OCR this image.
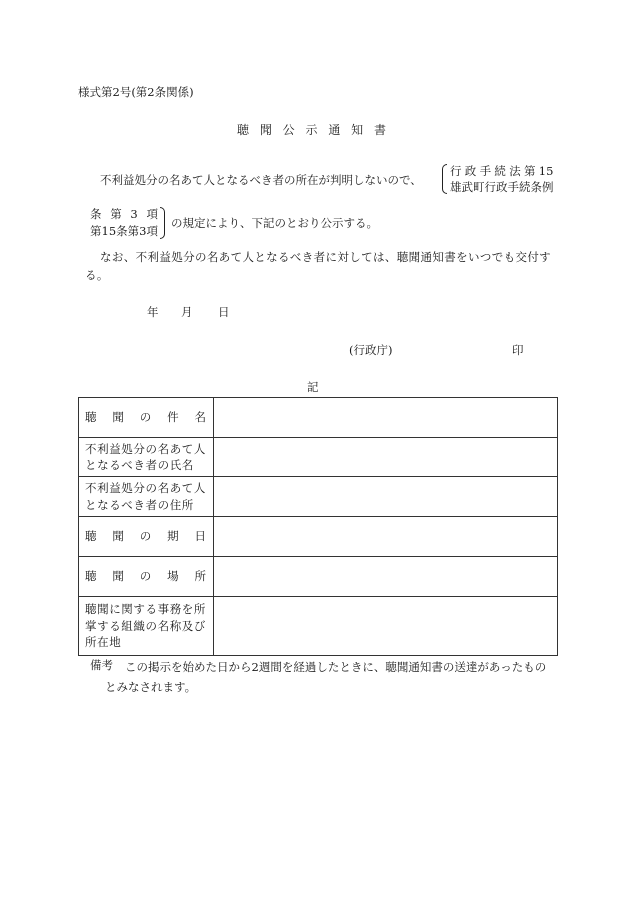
様式第2号(第2条関係)
聴 聞 公 示 通 知 書
不利益処分の名あて人となるべき者の所在が判明しないので、
行 政 手 続 法 第 15
雄武町行政手続条例
条 第 3 項
第15条第3項
の規定により、下記のとおり公示する。
なお、不利益処分の名あて人となるべき者に対しては、聴聞通知書をいつでも交付する。
年 月 日
(行政庁)	印
記
聴 聞 の 件 名	

不利益処分の名あて人となるべき者の氏名	

不利益処分の名あて人となるべき者の住所	

聴 聞 の 期 日	

聴 聞 の 場 所	

聴聞に関する事務を所掌する組織の名称及び所在地	

備考	この掲示を始めた日から2週間を経過したときに、聴聞通知書の送達があったものとみなされます。
